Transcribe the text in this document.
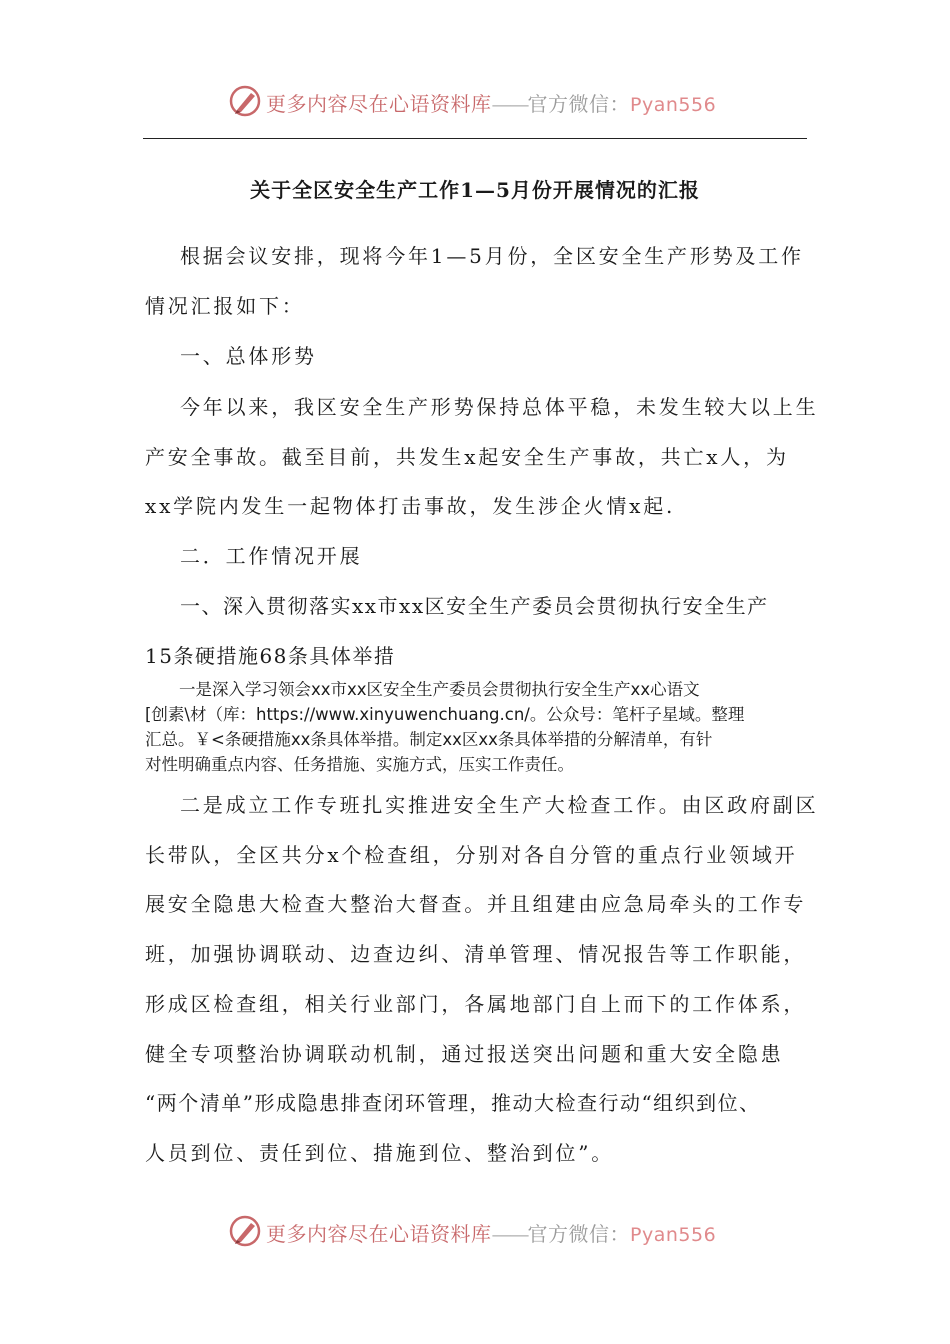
更多内容尽在心语资料库——官方微信：Pyan556
关于全区安全生产工作1—5月份开展情况的汇报
根据会议安排，现将今年1—5月份，全区安全生产形势及工作
情况汇报如下：
一、总体形势
今年以来，我区安全生产形势保持总体平稳，未发生较大以上生
产安全事故。截至目前，共发生x起安全生产事故，共亡x人，为
xx学院内发生一起物体打击事故，发生涉企火情x起.
二．工作情况开展
一、深入贯彻落实xx市xx区安全生产委员会贯彻执行安全生产
15条硬措施68条具体举措
一是深入学习领会xx市xx区安全生产委员会贯彻执行安全生产xx心语文
[创素\材（库：https://www.xinyuwenchuang.cn/。公众号：笔杆子星域。整理
汇总。￥<条硬措施xx条具体举措。制定xx区xx条具体举措的分解清单，有针
对性明确重点内容、任务措施、实施方式，压实工作责任。
二是成立工作专班扎实推进安全生产大检查工作。由区政府副区
长带队，全区共分x个检查组，分别对各自分管的重点行业领域开
展安全隐患大检查大整治大督查。并且组建由应急局牵头的工作专
班，加强协调联动、边查边纠、清单管理、情况报告等工作职能，
形成区检查组，相关行业部门，各属地部门自上而下的工作体系，
健全专项整治协调联动机制，通过报送突出问题和重大安全隐患
“两个清单”形成隐患排查闭环管理，推动大检查行动“组织到位、
人员到位、责任到位、措施到位、整治到位”。
更多内容尽在心语资料库——官方微信：Pyan556
